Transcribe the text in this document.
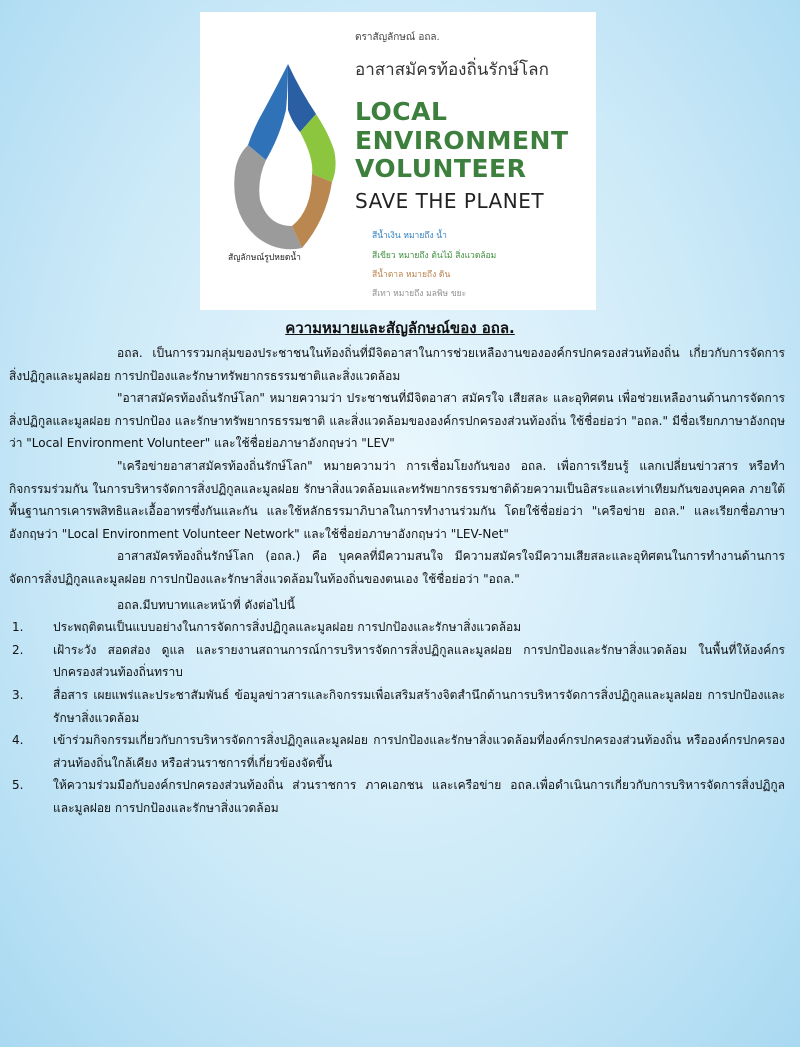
ตราสัญลักษณ์ อถล.
อาสาสมัครท้องถิ่นรักษ์โลก
LOCAL
ENVIRONMENT
VOLUNTEER
SAVE THE PLANET
สัญลักษณ์รูปหยดน้ำ
สีน้ำเงิน หมายถึง น้ำ
สีเขียว หมายถึง ต้นไม้ สิ่งแวดล้อม
สีน้ำตาล หมายถึง ดิน
สีเทา หมายถึง มลพิษ ขยะ
ความหมายและสัญลักษณ์ของ อถล.

อถล. เป็นการรวมกลุ่มของประชาชนในท้องถิ่นที่มีจิตอาสาในการช่วยเหลืองานขององค์กรปกครองส่วนท้องถิ่น เกี่ยวกับการจัดการสิ่งปฏิกูลและมูลฝอย การปกป้องและรักษาทรัพยากรธรรมชาติและสิ่งแวดล้อม

"อาสาสมัครท้องถิ่นรักษ์โลก" หมายความว่า ประชาชนที่มีจิตอาสา สมัครใจ เสียสละ และอุทิศตน เพื่อช่วยเหลืองานด้านการจัดการสิ่งปฏิกูลและมูลฝอย การปกป้อง และรักษาทรัพยากรธรรมชาติ และสิ่งแวดล้อมขององค์กรปกครองส่วนท้องถิ่น ใช้ชื่อย่อว่า "อถล." มีชื่อเรียกภาษาอังกฤษว่า "Local Environment Volunteer" และใช้ชื่อย่อภาษาอังกฤษว่า "LEV"

"เครือข่ายอาสาสมัครท้องถิ่นรักษ์โลก" หมายความว่า การเชื่อมโยงกันของ อถล. เพื่อการเรียนรู้ แลกเปลี่ยนข่าวสาร หรือทำกิจกรรมร่วมกัน ในการบริหารจัดการสิ่งปฏิกูลและมูลฝอย รักษาสิ่งแวดล้อมและทรัพยากรธรรมชาติด้วยความเป็นอิสระและเท่าเทียมกันของบุคคล ภายใต้พื้นฐานการเคารพสิทธิและเอื้ออาทรซึ่งกันและกัน และใช้หลักธรรมาภิบาลในการทำงานร่วมกัน โดยใช้ชื่อย่อว่า "เครือข่าย อถล." และเรียกชื่อภาษาอังกฤษว่า "Local Environment Volunteer Network" และใช้ชื่อย่อภาษาอังกฤษว่า "LEV-Net"

อาสาสมัครท้องถิ่นรักษ์โลก (อถล.) คือ บุคคลที่มีความสนใจ มีความสมัครใจมีความเสียสละและอุทิศตนในการทำงานด้านการจัดการสิ่งปฏิกูลและมูลฝอย การปกป้องและรักษาสิ่งแวดล้อมในท้องถิ่นของตนเอง ใช้ชื่อย่อว่า "อถล."

อถล.มีบทบาทและหน้าที่ ดังต่อไปนี้

1. ประพฤติตนเป็นแบบอย่างในการจัดการสิ่งปฏิกูลและมูลฝอย การปกป้องและรักษาสิ่งแวดล้อม
2. เฝ้าระวัง สอดส่อง ดูแล และรายงานสถานการณ์การบริหารจัดการสิ่งปฏิกูลและมูลฝอย การปกป้องและรักษาสิ่งแวดล้อม ในพื้นที่ให้องค์กรปกครองส่วนท้องถิ่นทราบ
3. สื่อสาร เผยแพร่และประชาสัมพันธ์ ข้อมูลข่าวสารและกิจกรรมเพื่อเสริมสร้างจิตสำนึกด้านการบริหารจัดการสิ่งปฏิกูลและมูลฝอย การปกป้องและรักษาสิ่งแวดล้อม
4. เข้าร่วมกิจกรรมเกี่ยวกับการบริหารจัดการสิ่งปฏิกูลและมูลฝอย การปกป้องและรักษาสิ่งแวดล้อมที่องค์กรปกครองส่วนท้องถิ่น หรือองค์กรปกครองส่วนท้องถิ่นใกล้เคียง หรือส่วนราชการที่เกี่ยวข้องจัดขึ้น
5. ให้ความร่วมมือกับองค์กรปกครองส่วนท้องถิ่น ส่วนราชการ ภาคเอกชน และเครือข่าย อถล.เพื่อดำเนินการเกี่ยวกับการบริหารจัดการสิ่งปฏิกูลและมูลฝอย การปกป้องและรักษาสิ่งแวดล้อม
